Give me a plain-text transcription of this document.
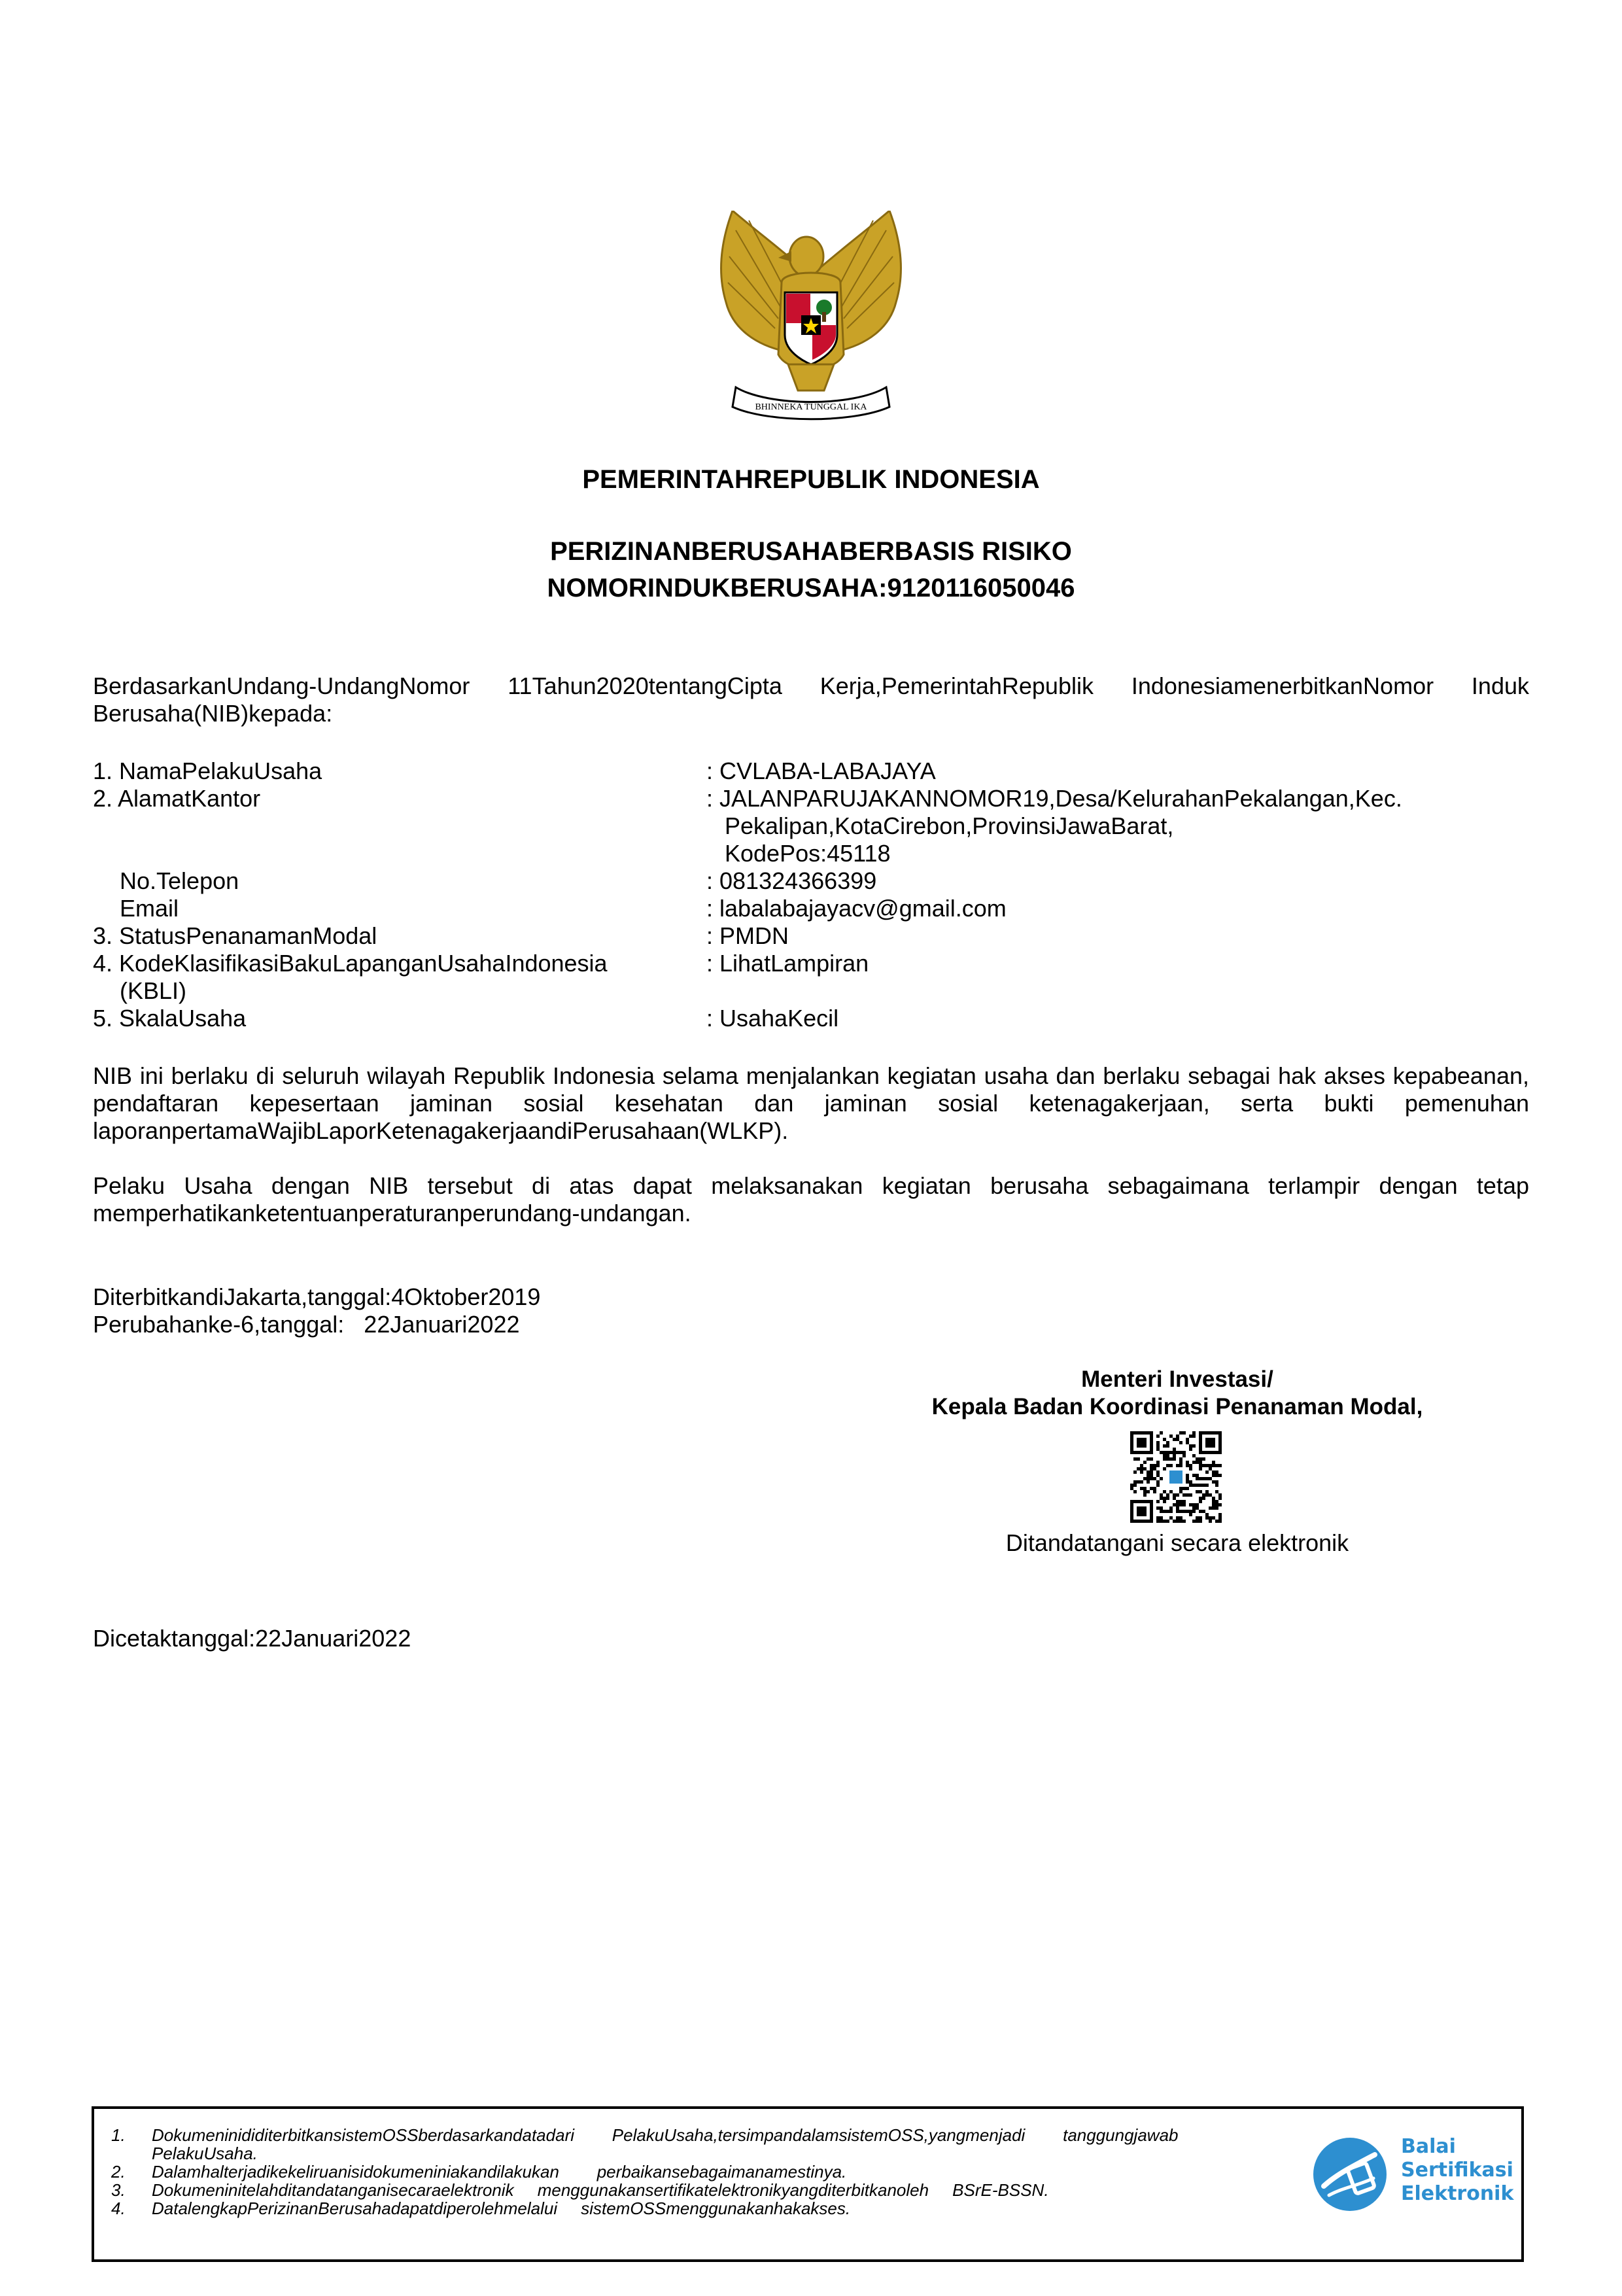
BHINNEKA TUNGGAL IKA
PEMERINTAHREPUBLIK INDONESIA
PERIZINANBERUSAHABERBASIS RISIKO
NOMORINDUKBERUSAHA:9120116050046

BerdasarkanUndang-UndangNomor 11Tahun2020tentangCipta Kerja,PemerintahRepublik IndonesiamenerbitkanNomor Induk Berusaha(NIB)kepada:

1. NamaPelakuUsaha	: CVLABA-LABAJAYA
2. AlamatKantor	: JALANPARUJAKANNOMOR19,Desa/KelurahanPekalangan,Kec.
Pekalipan,KotaCirebon,ProvinsiJawaBarat,
KodePos:45118
No.Telepon	: 081324366399
Email	: labalabajayacv@gmail.com
3. StatusPenanamanModal	: PMDN
4. KodeKlasifikasiBakuLapanganUsahaIndonesia	: LihatLampiran
(KBLI)
5. SkalaUsaha	: UsahaKecil

NIB ini berlaku di seluruh wilayah Republik Indonesia selama menjalankan kegiatan usaha dan berlaku sebagai hak akses kepabeanan, pendaftaran kepesertaan jaminan sosial kesehatan dan jaminan sosial ketenagakerjaan, serta bukti pemenuhan laporanpertamaWajibLaporKetenagakerjaandiPerusahaan(WLKP).

Pelaku Usaha dengan NIB tersebut di atas dapat melaksanakan kegiatan berusaha sebagaimana terlampir dengan tetap memperhatikanketentuanperaturanperundang-undangan.

DiterbitkandiJakarta,tanggal:4Oktober2019
Perubahanke-6,tanggal:   22Januari2022
Menteri Investasi/
Kepala Badan Koordinasi Penanaman Modal,
Ditandatangani secara elektronik
Dicetaktanggal:22Januari2022
1. DokumeninididiterbitkansistemOSSberdasarkandatadari        PelakuUsaha,tersimpandalamsistemOSS,yangmenjadi        tanggungjawab
PelakuUsaha.
2. Dalamhalterjadikekeliruanisidokumeniniakandilakukan        perbaikansebagaimanamestinya.
3. Dokumeninitelahditandatanganisecaraelektronik     menggunakansertifikatelektronikyangditerbitkanoleh     BSrE-BSSN.
4. DatalengkapPerizinanBerusahadapatdiperolehmelalui     sistemOSSmenggunakanhakakses.
Balai
Sertifikasi
Elektronik
